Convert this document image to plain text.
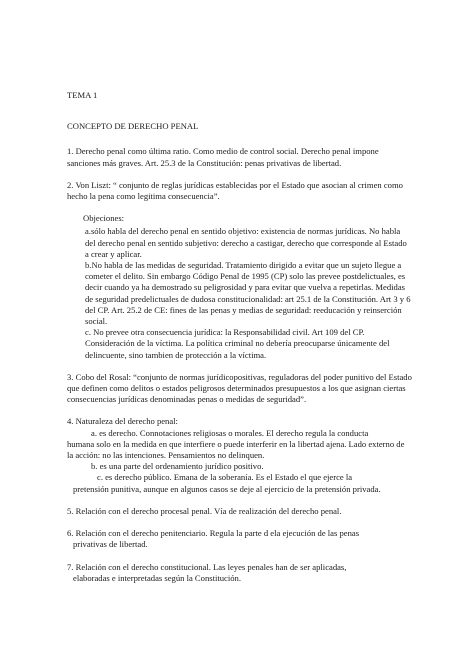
TEMA 1

CONCEPTO DE DERECHO PENAL

1. Derecho penal como última ratio. Como medio de control social. Derecho penal impone sanciones más graves. Art. 25.3 de la Constitución: penas privativas de libertad.

2. Von Liszt: “ conjunto de reglas jurídicas establecidas por el Estado que asocian al crimen como hecho la pena como legitima consecuencia”.

Objeciones:

a.sólo habla del derecho penal en sentido objetivo: existencia de normas jurídicas. No habla del derecho penal en sentido subjetivo: derecho a castigar, derecho que corresponde al Estado a crear y aplicar.

b.No habla de las medidas de seguridad. Tratamiento dirigido a evitar que un sujeto llegue a cometer el delito. Sin embargo Código Penal de 1995 (CP) solo las prevee postdelictuales, es decir cuando ya ha demostrado su peligrosidad y para evitar que vuelva a repetirlas. Medidas de seguridad predelictuales de dudosa constitucionalidad: art 25.1 de la Constitución. Art 3 y 6 del CP. Art. 25.2 de CE: fines de las penas y medias de seguridad: reeducación y reinserción social.

c. No prevee otra consecuencia jurídica: la Responsabilidad civil. Art 109 del CP. Consideración de la víctima. La política criminal no debería preocuparse únicamente del delincuente, sino tambien de protección a la víctima.

3. Cobo del Rosal: “conjunto de normas jurídicopositivas, reguladoras del poder punitivo del Estado que definen como delitos o estados peligrosos determinados presupuestos a los que asignan ciertas consecuencias jurídicas denominadas penas o medidas de seguridad”.

4. Naturaleza del derecho penal:

a. es derecho. Connotaciones religiosas o morales. El derecho regula la conducta

humana solo en la medida en que interfiere o puede interferir en la libertad ajena. Lado externo de la acción: no las intenciones. Pensamientos no delinquen.

b. es una parte del ordenamiento jurídico positivo.

c. es derecho público. Emana de la soberanía. Es el Estado el que ejerce la

pretensión punitiva, aunque en algunos casos se deje al ejercicio de la pretensión privada.

5. Relación con el derecho procesal penal. Vía de realización del derecho penal.

6. Relación con el derecho penitenciario. Regula la parte d ela ejecución de las penas

privativas de libertad.

7. Relación con el derecho constitucional. Las leyes penales han de ser aplicadas,

elaboradas e interpretadas según la Constitución.
